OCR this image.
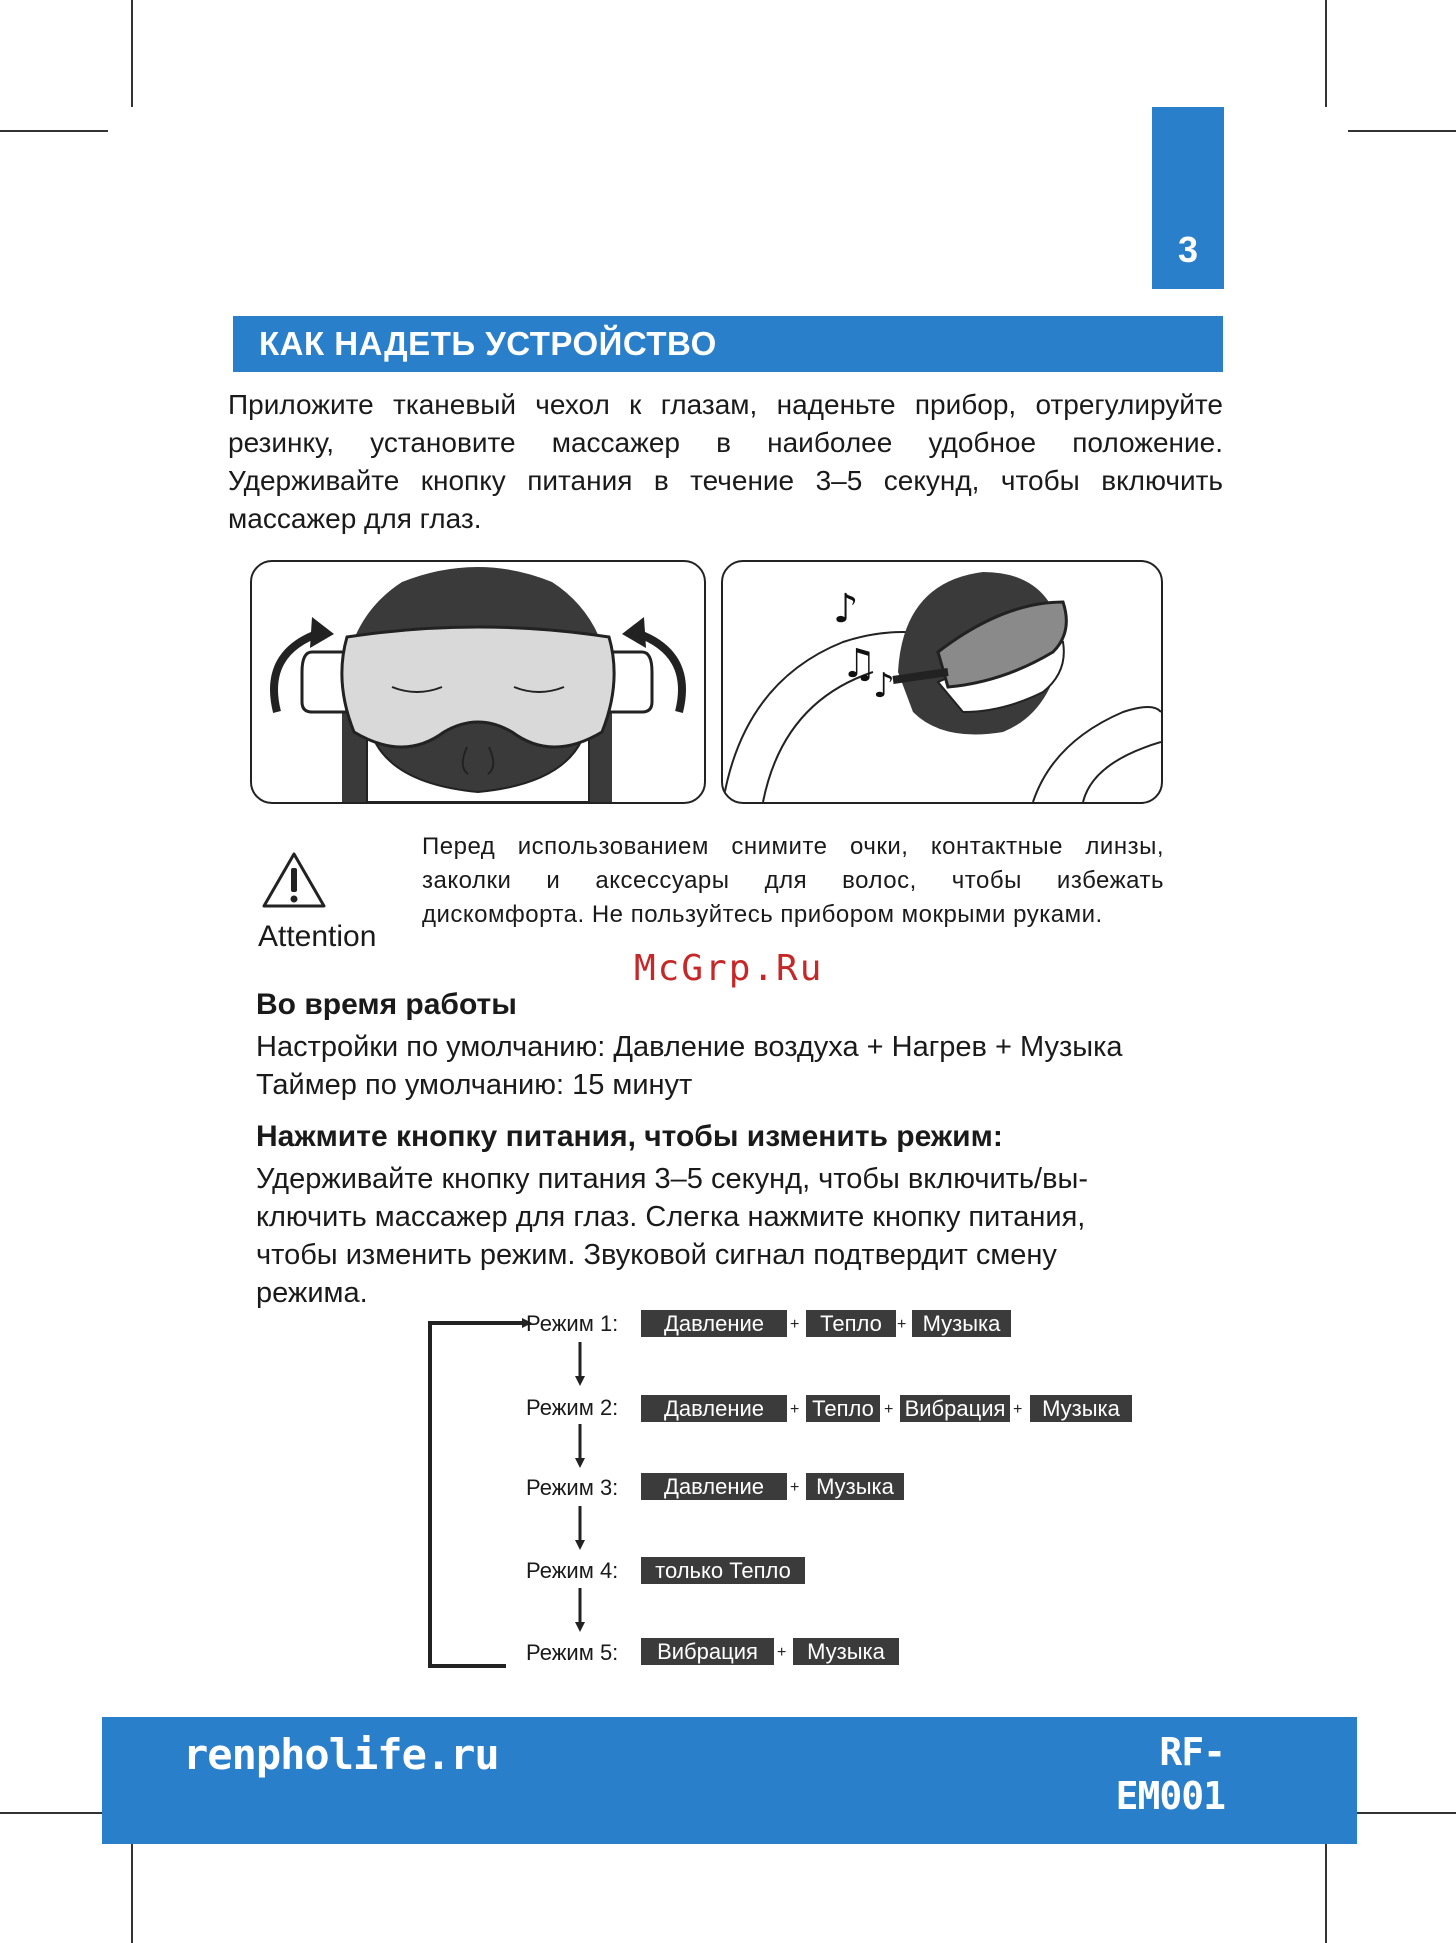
3
КАК НАДЕТЬ УСТРОЙСТВО
Приложите тканевый чехол к глазам, наденьте прибор, отрегулируйте резинку, установите массажер в наиболее удобное положение. Удерживайте кнопку питания в течение 3–5 секунд, чтобы включить массажер для глаз.
♪
♫
♪
Attention
Перед использованием снимите очки, контактные линзы, заколки и аксессуары для волос, чтобы избежать дискомфорта. Не пользуйтесь прибором мокрыми руками.
McGrp.Ru
Во время работы
Настройки по умолчанию: Давление воздуха + Нагрев + Музыка
Таймер по умолчанию: 15 минут
Нажмите кнопку питания, чтобы изменить режим:
Удерживайте кнопку питания 3–5 секунд, чтобы включить/вы-
ключить массажер для глаз. Слегка нажмите кнопку питания,
чтобы изменить режим. Звуковой сигнал подтвердит смену
режима.
Режим 1:	Давление	+ Тепло + Музыка
Режим 2:	Давление	+ Тепло + Вибрация + Музыка
Режим 3:	Давление	+ Музыка
Режим 4:	только Тепло
Режим 5:	Вибрация	+ Музыка
renpholife.ru	RF-EM001
